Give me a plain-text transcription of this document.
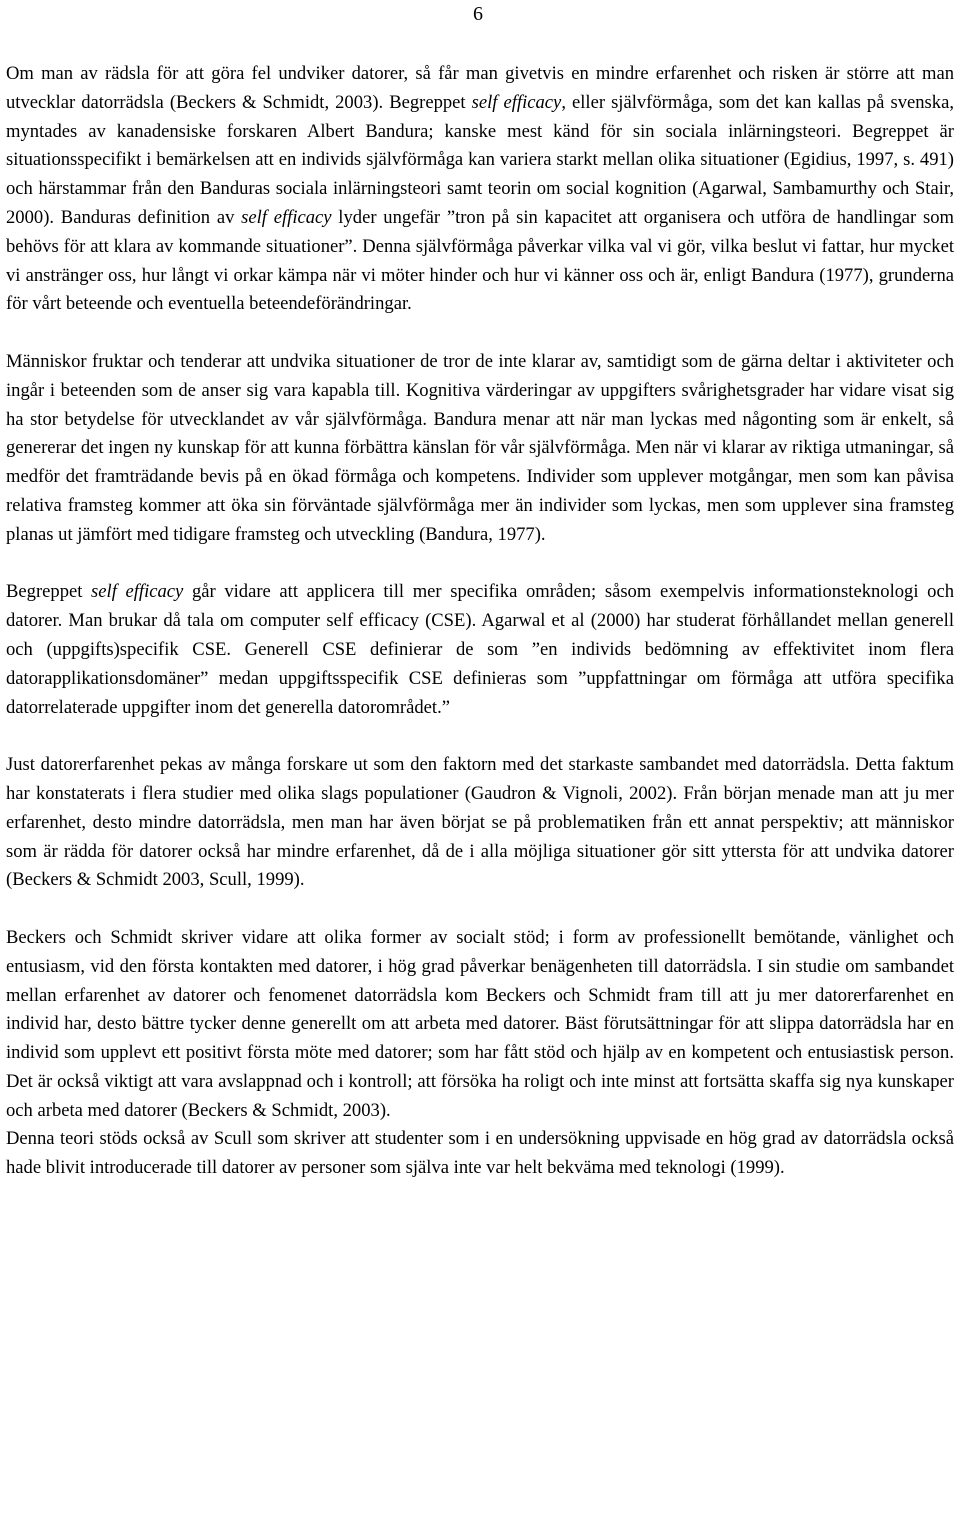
6

Om man av rädsla för att göra fel undviker datorer, så får man givetvis en mindre erfarenhet och risken är större att man utvecklar datorrädsla (Beckers & Schmidt, 2003). Begreppet self efficacy, eller självförmåga, som det kan kallas på svenska, myntades av kanadensiske forskaren Albert Bandura; kanske mest känd för sin sociala inlärningsteori. Begreppet är situationsspecifikt i bemärkelsen att en individs självförmåga kan variera starkt mellan olika situationer (Egidius, 1997, s. 491) och härstammar från den Banduras sociala inlärningsteori samt teorin om social kognition (Agarwal, Sambamurthy och Stair, 2000). Banduras definition av self efficacy lyder ungefär ”tron på sin kapacitet att organisera och utföra de handlingar som behövs för att klara av kommande situationer”. Denna självförmåga påverkar vilka val vi gör, vilka beslut vi fattar, hur mycket vi anstränger oss, hur långt vi orkar kämpa när vi möter hinder och hur vi känner oss och är, enligt Bandura (1977), grunderna för vårt beteende och eventuella beteendeförändringar.

Människor fruktar och tenderar att undvika situationer de tror de inte klarar av, samtidigt som de gärna deltar i aktiviteter och ingår i beteenden som de anser sig vara kapabla till. Kognitiva värderingar av uppgifters svårighetsgrader har vidare visat sig ha stor betydelse för utvecklandet av vår självförmåga. Bandura menar att när man lyckas med någonting som är enkelt, så genererar det ingen ny kunskap för att kunna förbättra känslan för vår självförmåga. Men när vi klarar av riktiga utmaningar, så medför det framträdande bevis på en ökad förmåga och kompetens. Individer som upplever motgångar, men som kan påvisa relativa framsteg kommer att öka sin förväntade självförmåga mer än individer som lyckas, men som upplever sina framsteg planas ut jämfört med tidigare framsteg och utveckling (Bandura, 1977).

Begreppet self efficacy går vidare att applicera till mer specifika områden; såsom exempelvis informationsteknologi och datorer. Man brukar då tala om computer self efficacy (CSE). Agarwal et al (2000) har studerat förhållandet mellan generell och (uppgifts)specifik CSE. Generell CSE definierar de som ”en individs bedömning av effektivitet inom flera datorapplikationsdomäner” medan uppgiftsspecifik CSE definieras som ”uppfattningar om förmåga att utföra specifika datorrelaterade uppgifter inom det generella datorområdet.”

Just datorerfarenhet pekas av många forskare ut som den faktorn med det starkaste sambandet med datorrädsla. Detta faktum har konstaterats i flera studier med olika slags populationer (Gaudron & Vignoli, 2002). Från början menade man att ju mer erfarenhet, desto mindre datorrädsla, men man har även börjat se på problematiken från ett annat perspektiv; att människor som är rädda för datorer också har mindre erfarenhet, då de i alla möjliga situationer gör sitt yttersta för att undvika datorer (Beckers & Schmidt 2003, Scull, 1999).

Beckers och Schmidt skriver vidare att olika former av socialt stöd; i form av professionellt bemötande, vänlighet och entusiasm, vid den första kontakten med datorer, i hög grad påverkar benägenheten till datorrädsla. I sin studie om sambandet mellan erfarenhet av datorer och fenomenet datorrädsla kom Beckers och Schmidt fram till att ju mer datorerfarenhet en individ har, desto bättre tycker denne generellt om att arbeta med datorer. Bäst förutsättningar för att slippa datorrädsla har en individ som upplevt ett positivt första möte med datorer; som har fått stöd och hjälp av en kompetent och entusiastisk person. Det är också viktigt att vara avslappnad och i kontroll; att försöka ha roligt och inte minst att fortsätta skaffa sig nya kunskaper och arbeta med datorer (Beckers & Schmidt, 2003).

Denna teori stöds också av Scull som skriver att studenter som i en undersökning uppvisade en hög grad av datorrädsla också hade blivit introducerade till datorer av personer som själva inte var helt bekväma med teknologi (1999).
